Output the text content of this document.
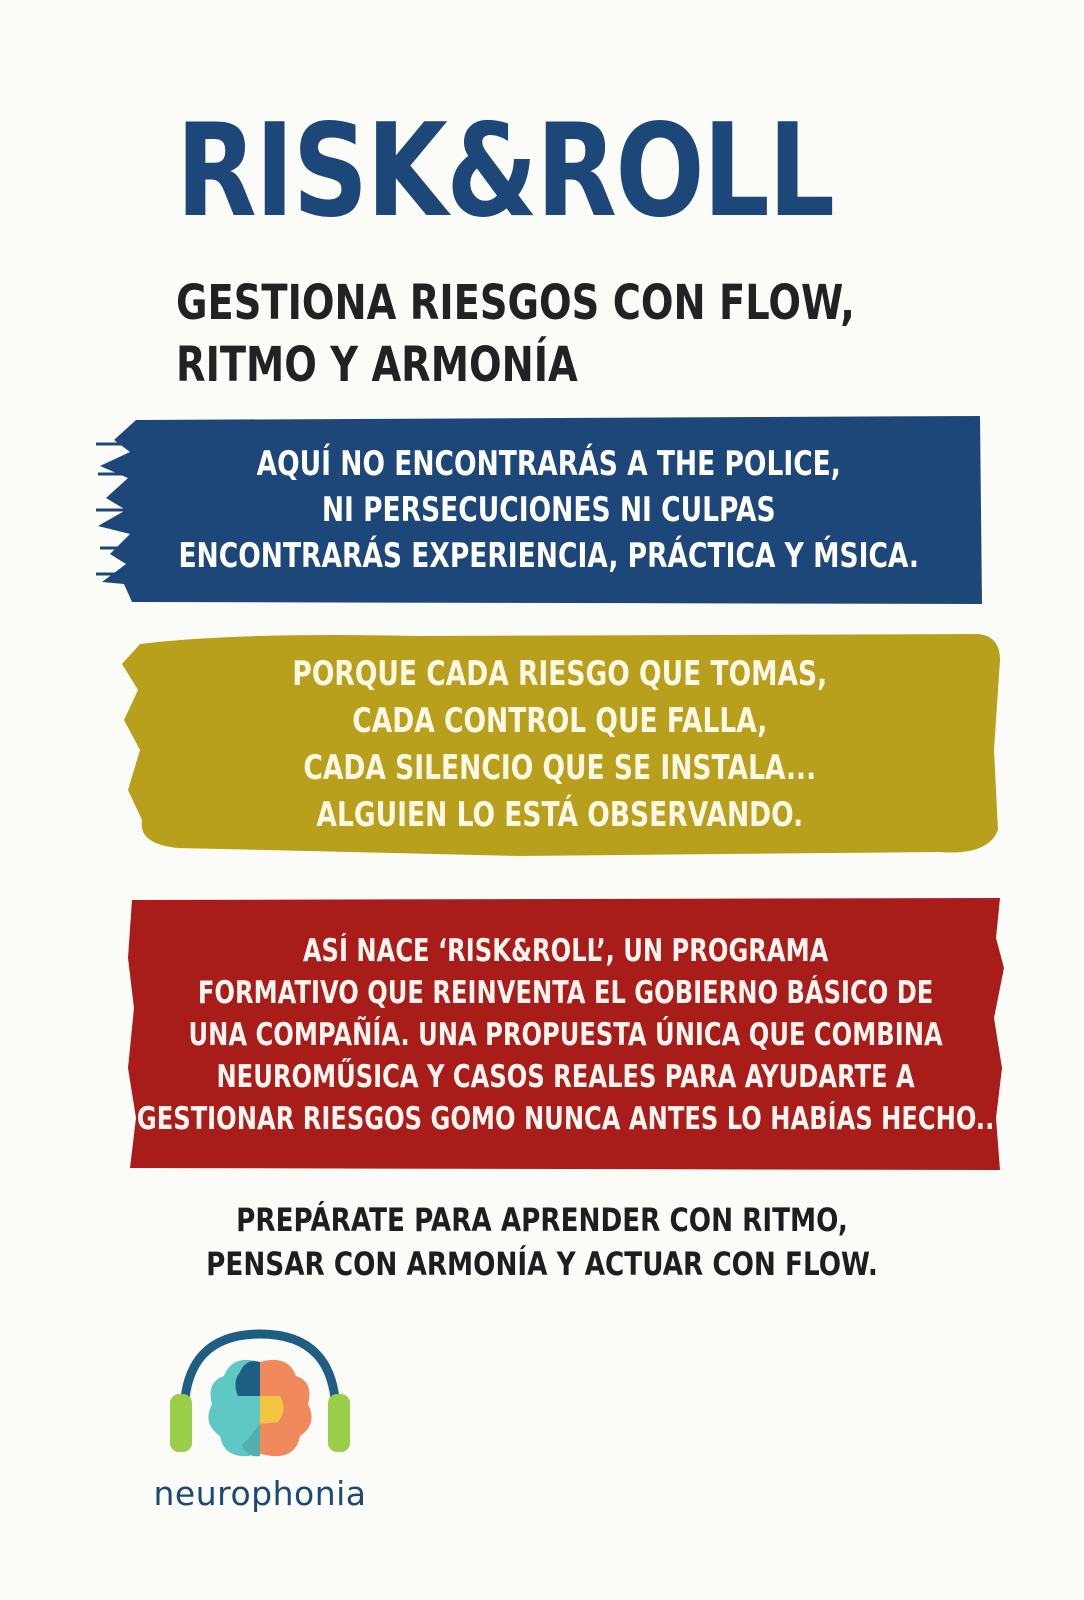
RISK&ROLL
GESTIONA RIESGOS CON FLOW,
RITMO Y ARMONÍA
AQUÍ NO ENCONTRARÁS A THE POLICE,
NI PERSECUCIONES NI CULPAS
ENCONTRARÁS EXPERIENCIA, PRÁCTICA Y ḾSICA.
PORQUE CADA RIESGO QUE TOMAS,
CADA CONTROL QUE FALLA,
CADA SILENCIO QUE SE INSTALA...
ALGUIEN LO ESTÁ OBSERVANDO.
ASÍ NACE ‘RISK&ROLL’, UN PROGRAMA
FORMATIVO QUE REINVENTA EL GOBIERNO BÁSICO DE
UNA COMPAÑÍA. UNA PROPUESTA ÚNICA QUE COMBINA
NEUROMŰSICA Y CASOS REALES PARA AYUDARTE A
GESTIONAR RIESGOS GOMO NUNCA ANTES LO HABÍAS HECHO..
PREPÁRATE PARA APRENDER CON RITMO,
PENSAR CON ARMONÍA Y ACTUAR CON FLOW.
neurophonia
